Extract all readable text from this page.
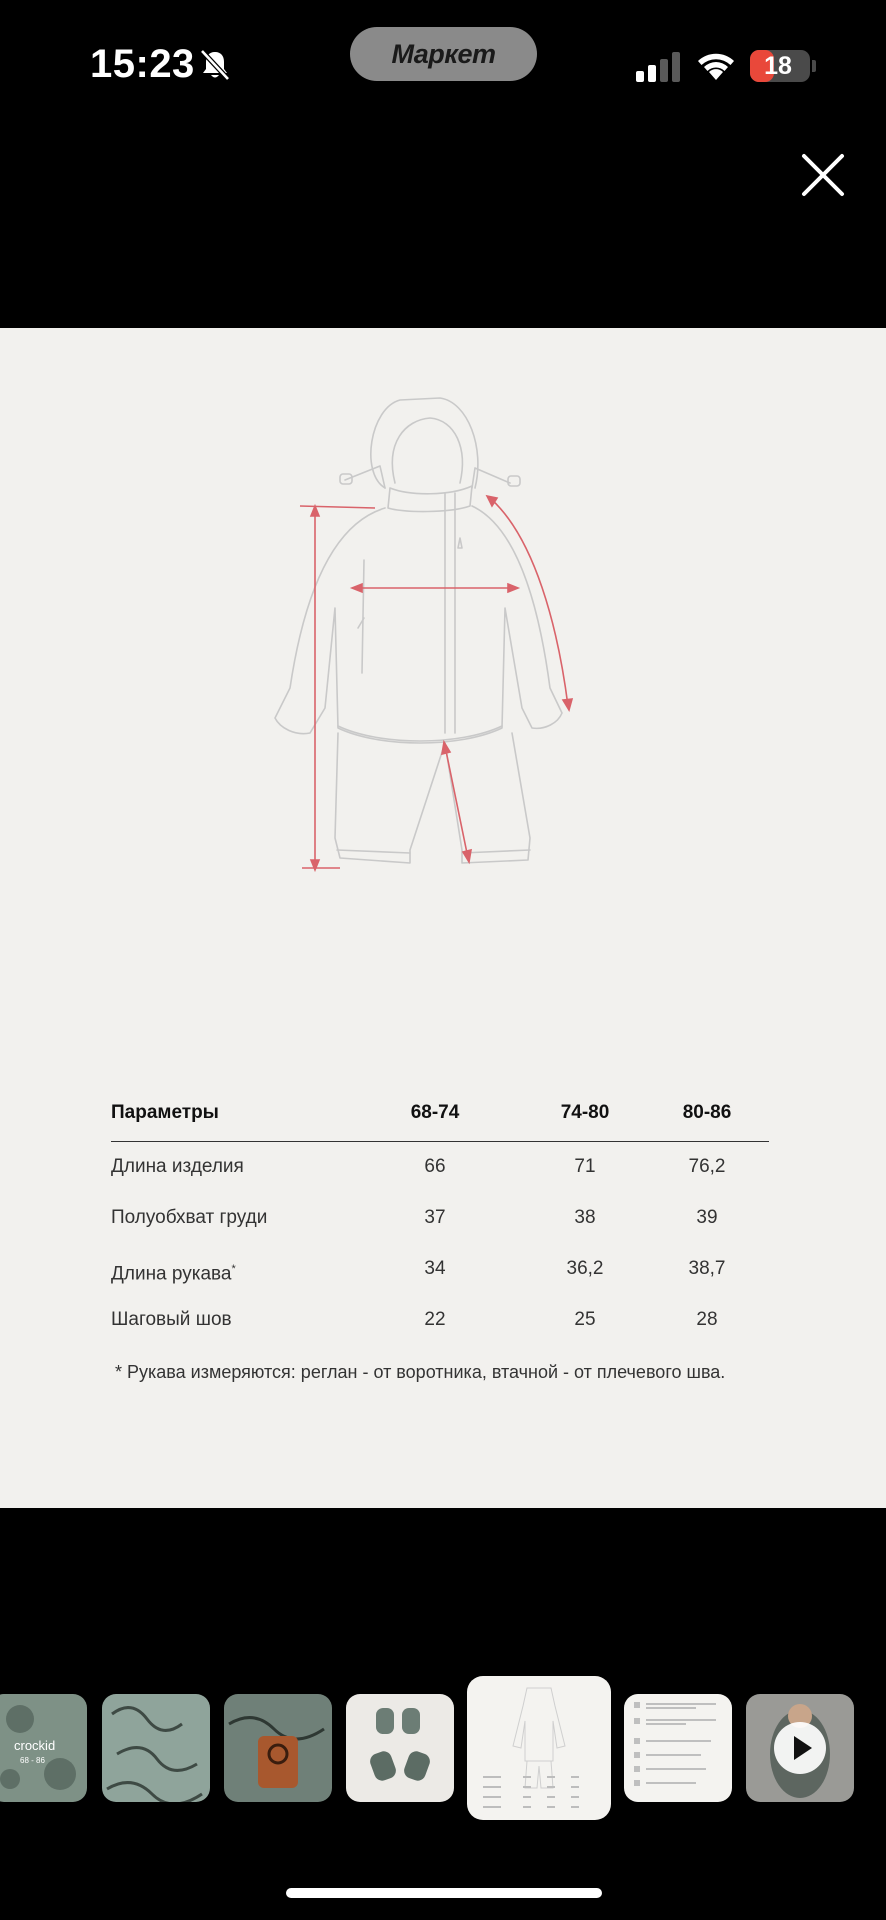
15:23	Маркет	18
Параметры	68-74	74-80	80-86
Длина изделия	66	71	76,2
Полуобхват груди	37	38	39
Длина рукава*	34	36,2	38,7
Шаговый шов	22	25	28
* Рукава измеряются: реглан - от воротника, втачной - от плечевого шва.
crockid
68 - 86
